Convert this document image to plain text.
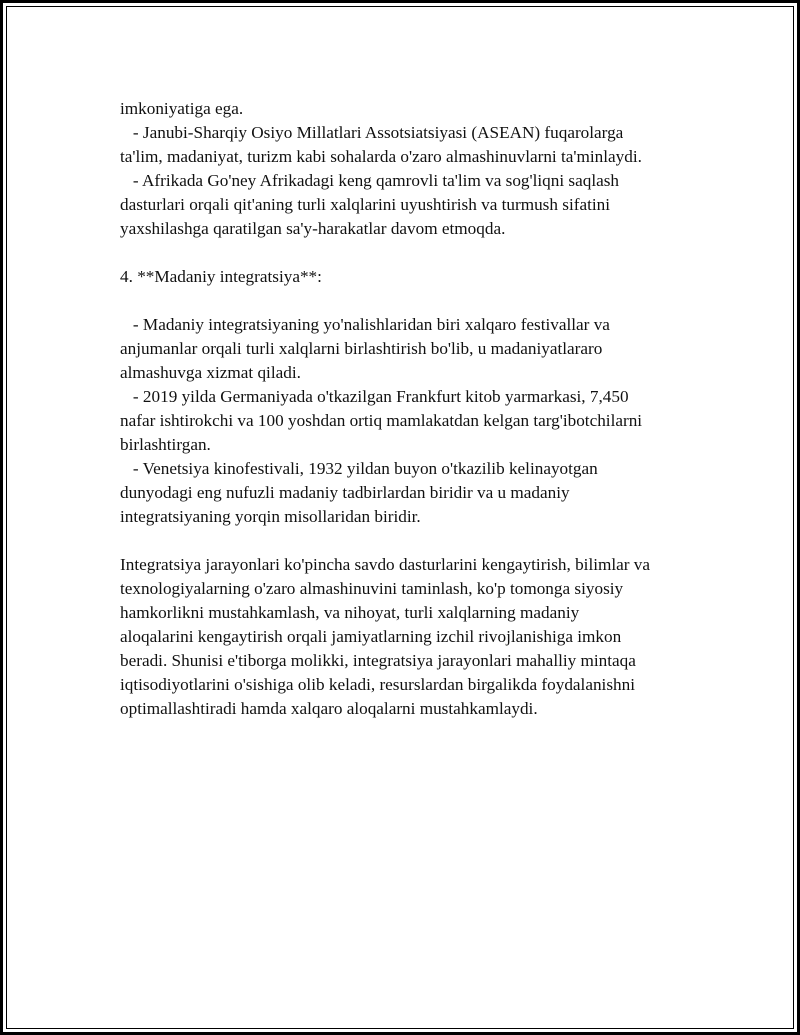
imkoniyatiga ega.
- Janubi-Sharqiy Osiyo Millatlari Assotsiatsiyasi (ASEAN) fuqarolarga
ta'lim, madaniyat, turizm kabi sohalarda o'zaro almashinuvlarni ta'minlaydi.
- Afrikada Go'ney Afrikadagi keng qamrovli ta'lim va sog'liqni saqlash
dasturlari orqali qit'aning turli xalqlarini uyushtirish va turmush sifatini
yaxshilashga qaratilgan sa'y-harakatlar davom etmoqda.
4. **Madaniy integratsiya**:
- Madaniy integratsiyaning yo'nalishlaridan biri xalqaro festivallar va
anjumanlar orqali turli xalqlarni birlashtirish bo'lib, u madaniyatlararo
almashuvga xizmat qiladi.
- 2019 yilda Germaniyada o'tkazilgan Frankfurt kitob yarmarkasi, 7,450
nafar ishtirokchi va 100 yoshdan ortiq mamlakatdan kelgan targ'ibotchilarni
birlashtirgan.
- Venetsiya kinofestivali, 1932 yildan buyon o'tkazilib kelinayotgan
dunyodagi eng nufuzli madaniy tadbirlardan biridir va u madaniy
integratsiyaning yorqin misollaridan biridir.
Integratsiya jarayonlari ko'pincha savdo dasturlarini kengaytirish, bilimlar va
texnologiyalarning o'zaro almashinuvini taminlash, ko'p tomonga siyosiy
hamkorlikni mustahkamlash, va nihoyat, turli xalqlarning madaniy
aloqalarini kengaytirish orqali jamiyatlarning izchil rivojlanishiga imkon
beradi. Shunisi e'tiborga molikki, integratsiya jarayonlari mahalliy mintaqa
iqtisodiyotlarini o'sishiga olib keladi, resurslardan birgalikda foydalanishni
optimallashtiradi hamda xalqaro aloqalarni mustahkamlaydi.
